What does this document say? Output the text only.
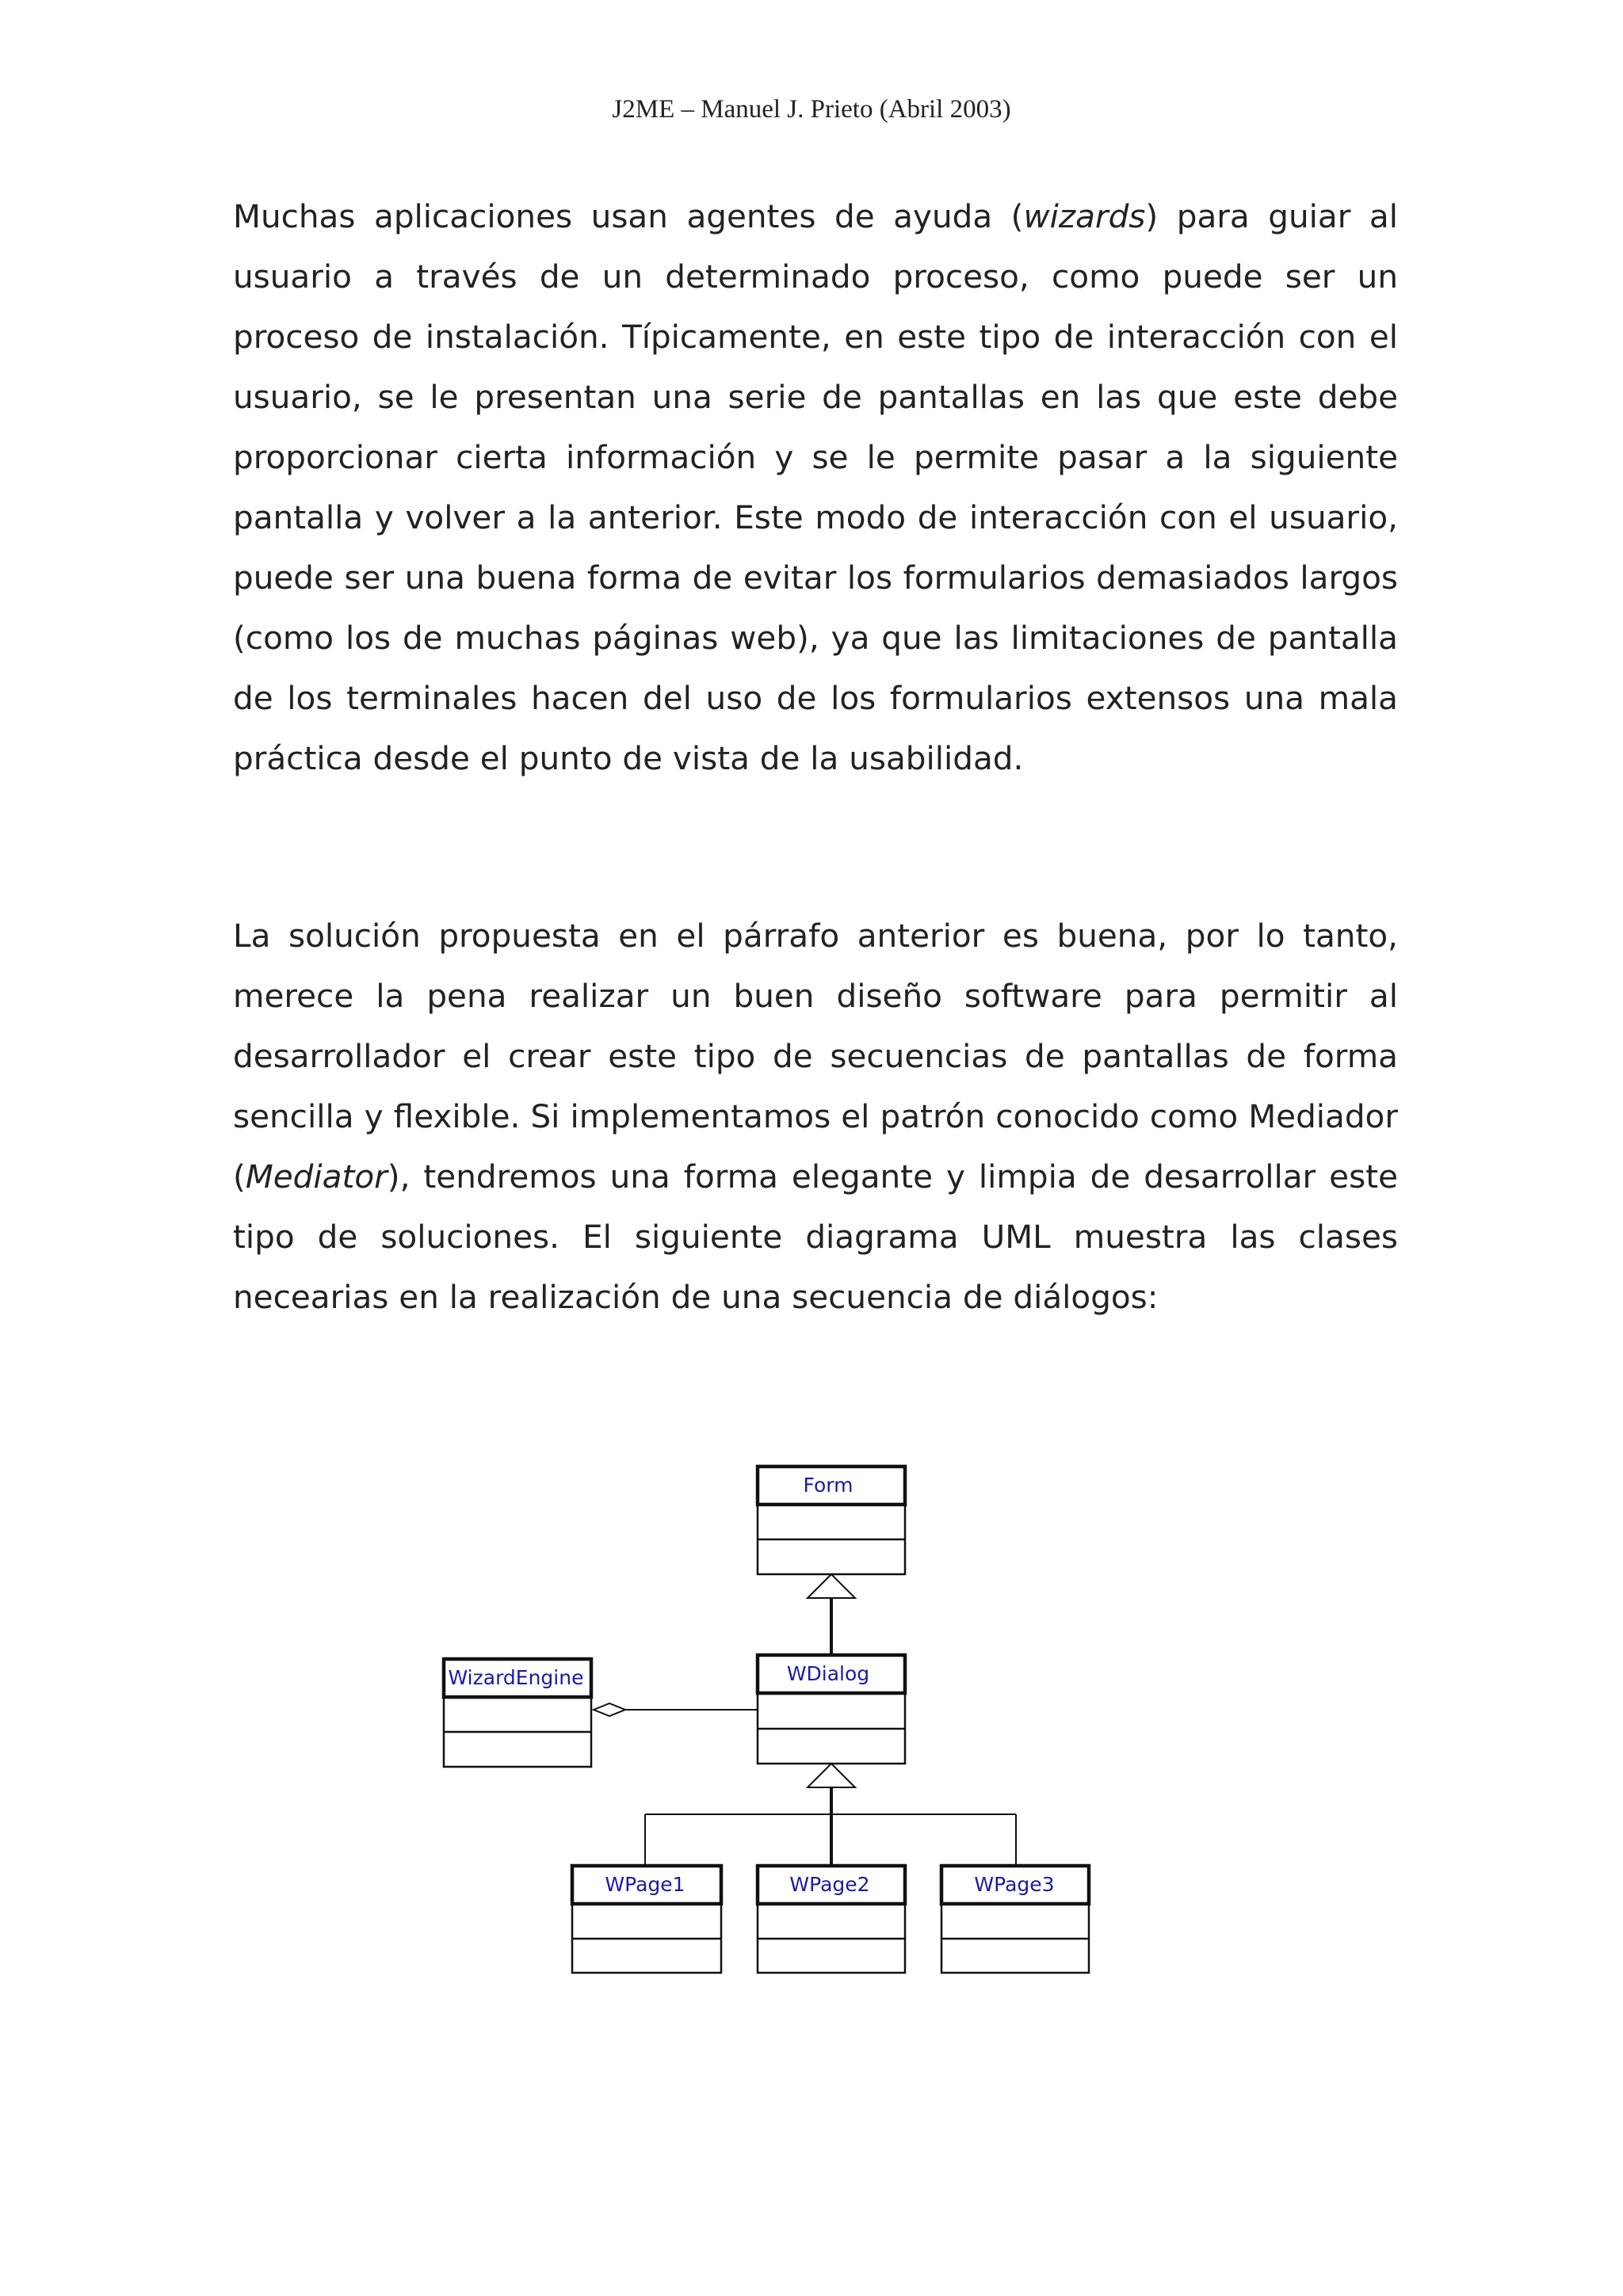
J2ME – Manuel J. Prieto (Abril 2003)

Muchas aplicaciones usan agentes de ayuda (wizards) para guiar al usuario a través de un determinado proceso, como puede ser un proceso de instalación. Típicamente, en este tipo de interacción con el usuario, se le presentan una serie de pantallas en las que este debe proporcionar cierta información y se le permite pasar a la siguiente pantalla y volver a la anterior. Este modo de interacción con el usuario, puede ser una buena forma de evitar los formularios demasiados largos (como los de muchas páginas web), ya que las limitaciones de pantalla de los terminales hacen del uso de los formularios extensos una mala práctica desde el punto de vista de la usabilidad.

La solución propuesta en el párrafo anterior es buena, por lo tanto, merece la pena realizar un buen diseño software para permitir al desarrollador el crear este tipo de secuencias de pantallas de forma sencilla y flexible. Si implementamos el patrón conocido como Mediador (Mediator), tendremos una forma elegante y limpia de desarrollar este tipo de soluciones. El siguiente diagrama UML muestra las clases necearias en la realización de una secuencia de diálogos:

Form
WDialog
WizardEngine
WPage1	WPage2	WPage3
